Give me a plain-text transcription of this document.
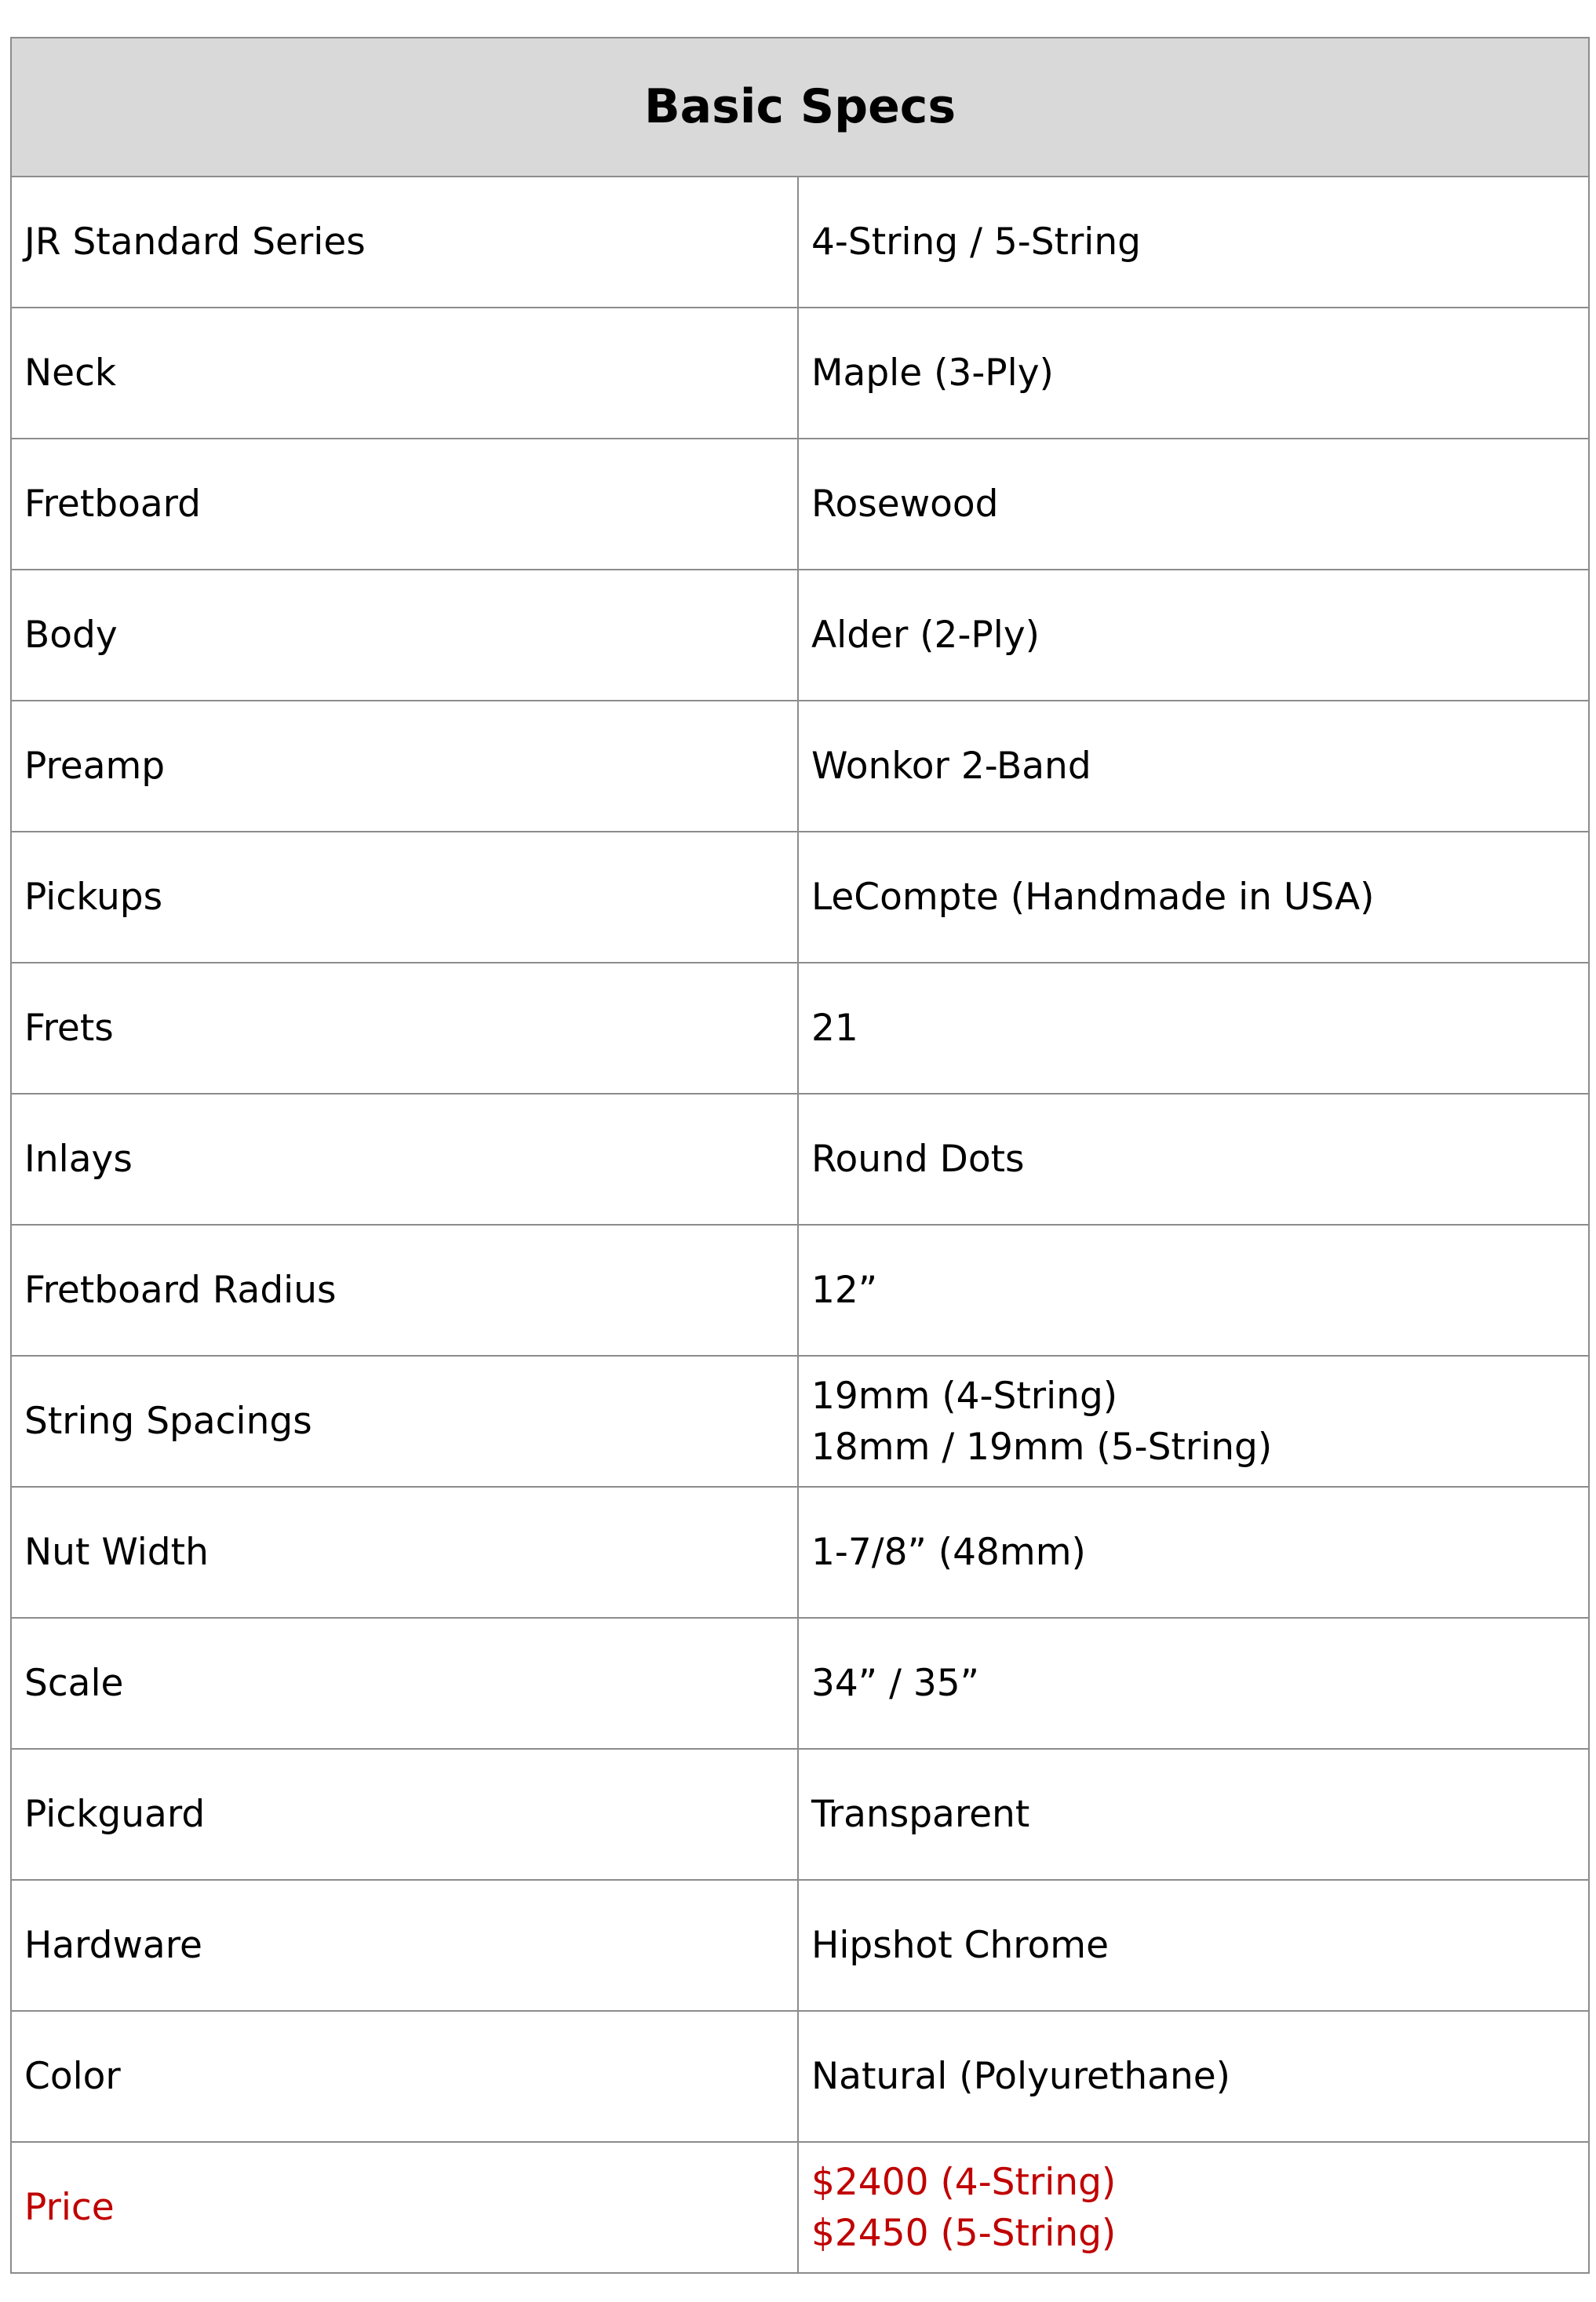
Basic Specs	
JR Standard Series	4-String / 5-String

Neck	Maple (3-Ply)

Fretboard	Rosewood

Body	Alder (2-Ply)

Preamp	Wonkor 2-Band

Pickups	LeCompte (Handmade in USA)

Frets	21

Inlays	Round Dots

Fretboard Radius	12”

String Spacings	19mm (4-String)
18mm / 19mm (5-String)

Nut Width	1-7/8” (48mm)

Scale	34” / 35”

Pickguard	Transparent

Hardware	Hipshot Chrome

Color	Natural (Polyurethane)

Price	$2400 (4-String)
$2450 (5-String)
